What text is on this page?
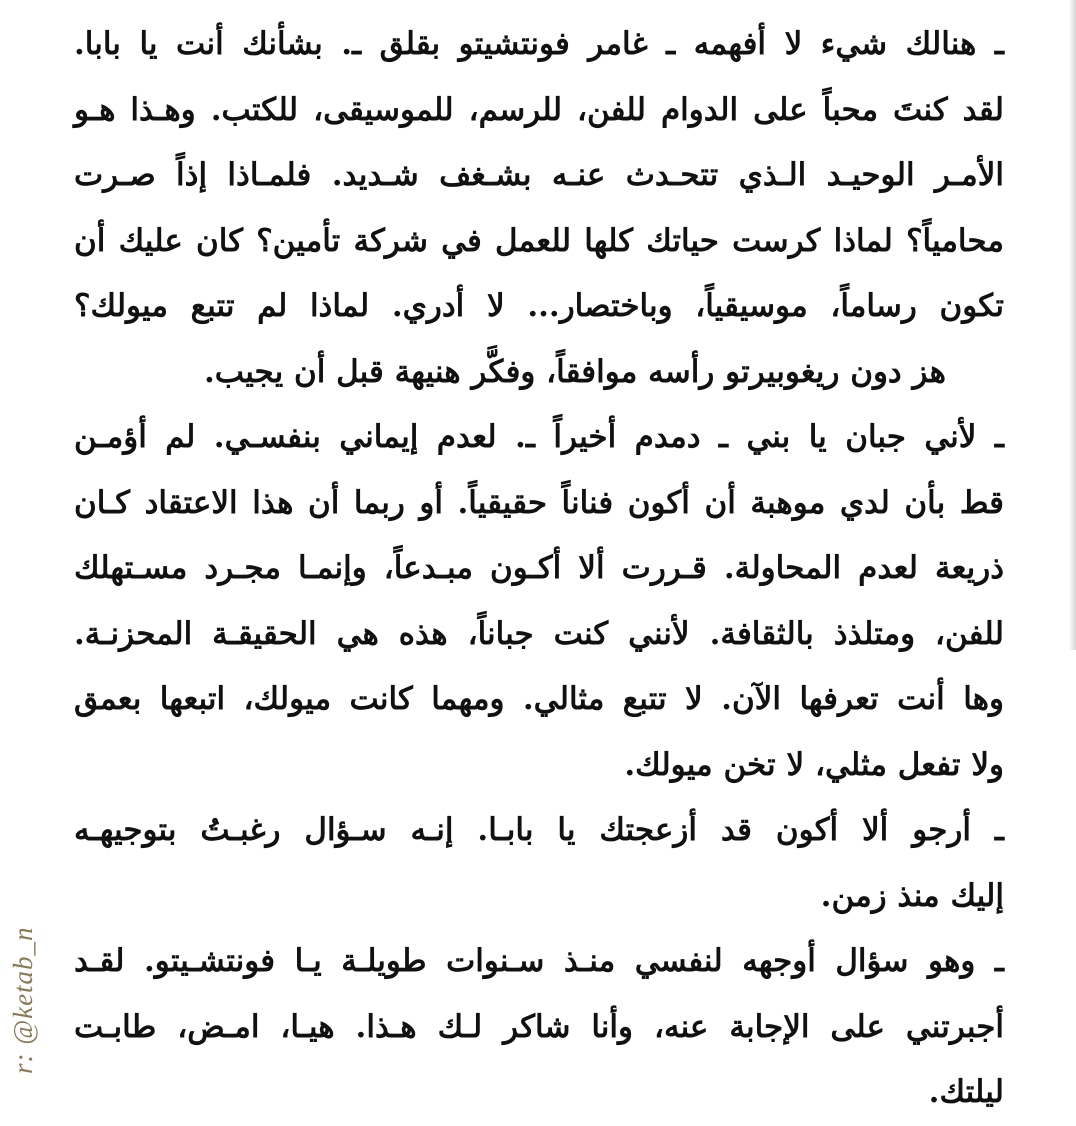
ـ هنالك شيء لا أفهمه ـ غامر فونتشيتو بقلق ـ. بشأنك أنت يا بابا.
لقد كنتَ محباً على الدوام للفن، للرسم، للموسيقى، للكتب. وهـذا هـو
الأمـر الوحيـد الـذي تتحـدث عنـه بشـغف شـديد. فلمـاذا إذاً صـرت
محامياً؟ لماذا كرست حياتك كلها للعمل في شركة تأمين؟ كان عليك أن
تكون رساماً، موسيقياً، وباختصار... لا أدري. لماذا لم تتبع ميولك؟
هز دون ريغوبيرتو رأسه موافقاً، وفكَّر هنيهة قبل أن يجيب.
ـ لأني جبان يا بني ـ دمدم أخيراً ـ. لعدم إيماني بنفسـي. لم أؤمـن
قط بأن لدي موهبة أن أكون فناناً حقيقياً. أو ربما أن هذا الاعتقاد كـان
ذريعة لعدم المحاولة. قـررت ألا أكـون مبـدعاً، وإنمـا مجـرد مسـتهلك
للفن، ومتلذذ بالثقافة. لأنني كنت جباناً، هذه هي الحقيقـة المحزنـة.
وها أنت تعرفها الآن. لا تتبع مثالي. ومهما كانت ميولك، اتبعها بعمق
ولا تفعل مثلي، لا تخن ميولك.
ـ أرجو ألا أكون قد أزعجتك يا بابـا. إنـه سـؤال رغبـتُ بتوجيهـه
إليك منذ زمن.
ـ وهو سؤال أوجهه لنفسي منـذ سـنوات طويلـة يـا فونتشـيتو. لقـد
أجبرتني على الإجابة عنه، وأنا شاكر لـك هـذا. هيـا، امـض، طابـت
ليلتك.
r: @ketab_n
